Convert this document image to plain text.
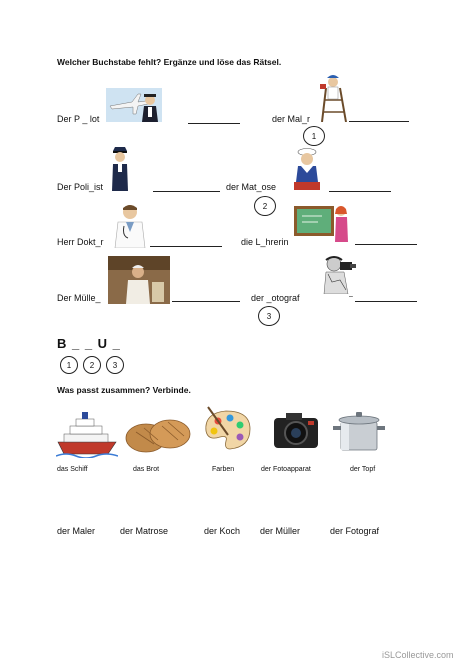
Welcher Buchstabe fehlt? Ergänze und löse das Rätsel.
Der P _ lot	der Mal_r
1
Der Poli_ist	der Mat_ose
2
Herr Dokt_r	die L_hrerin
Der Mülle_	der _otograf	–
3
B _ _ U _
1	2	3
Was passt zusammen? Verbinde.
das Schiff	das Brot	Farben	der Fotoapparat	der Topf
der Maler	der Matrose	der Koch der Müller	der Fotograf
iSLCollective.com
